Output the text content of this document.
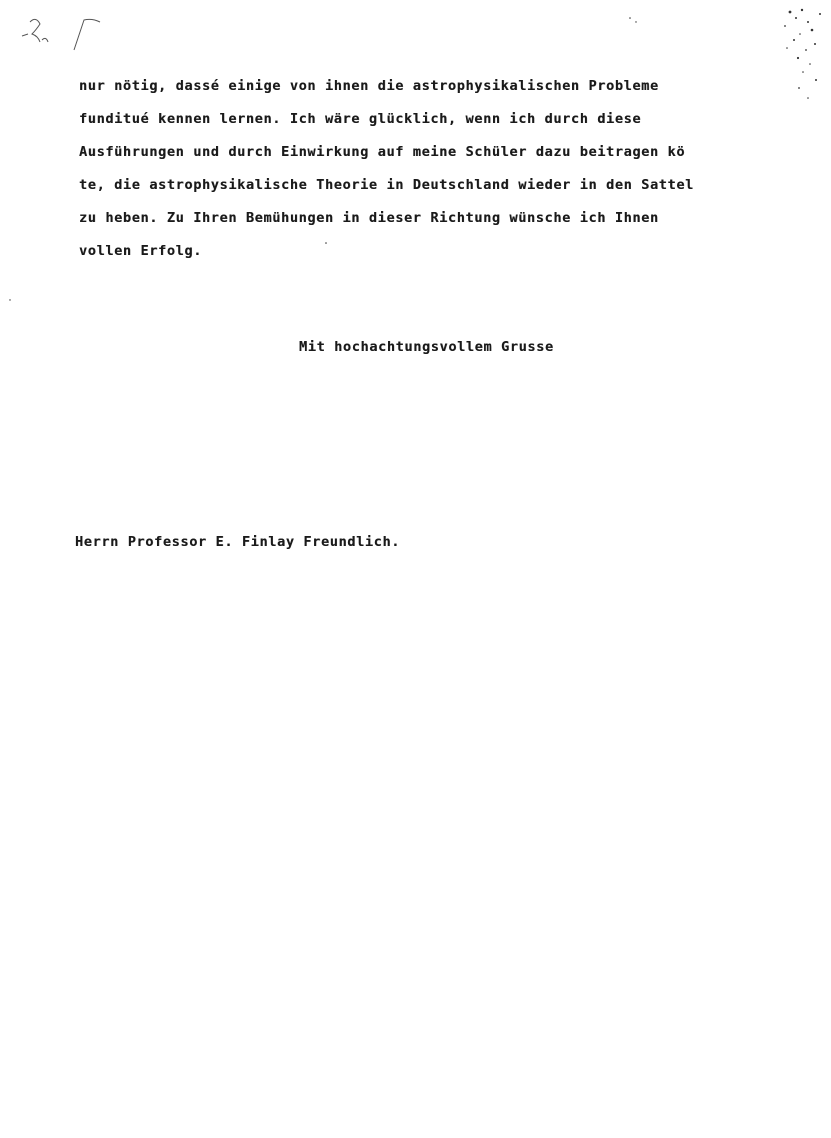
nur nötig, dassé einige von ihnen die astrophysikalischen Probleme
funditué kennen lernen. Ich wäre glücklich, wenn ich durch diese
Ausführungen und durch Einwirkung auf meine Schüler dazu beitragen kö
te, die astrophysikalische Theorie in Deutschland wieder in den Sattel
zu heben. Zu Ihren Bemühungen in dieser Richtung wünsche ich Ihnen
vollen Erfolg.
Mit hochachtungsvollem Grusse
Herrn Professor E. Finlay Freundlich.
